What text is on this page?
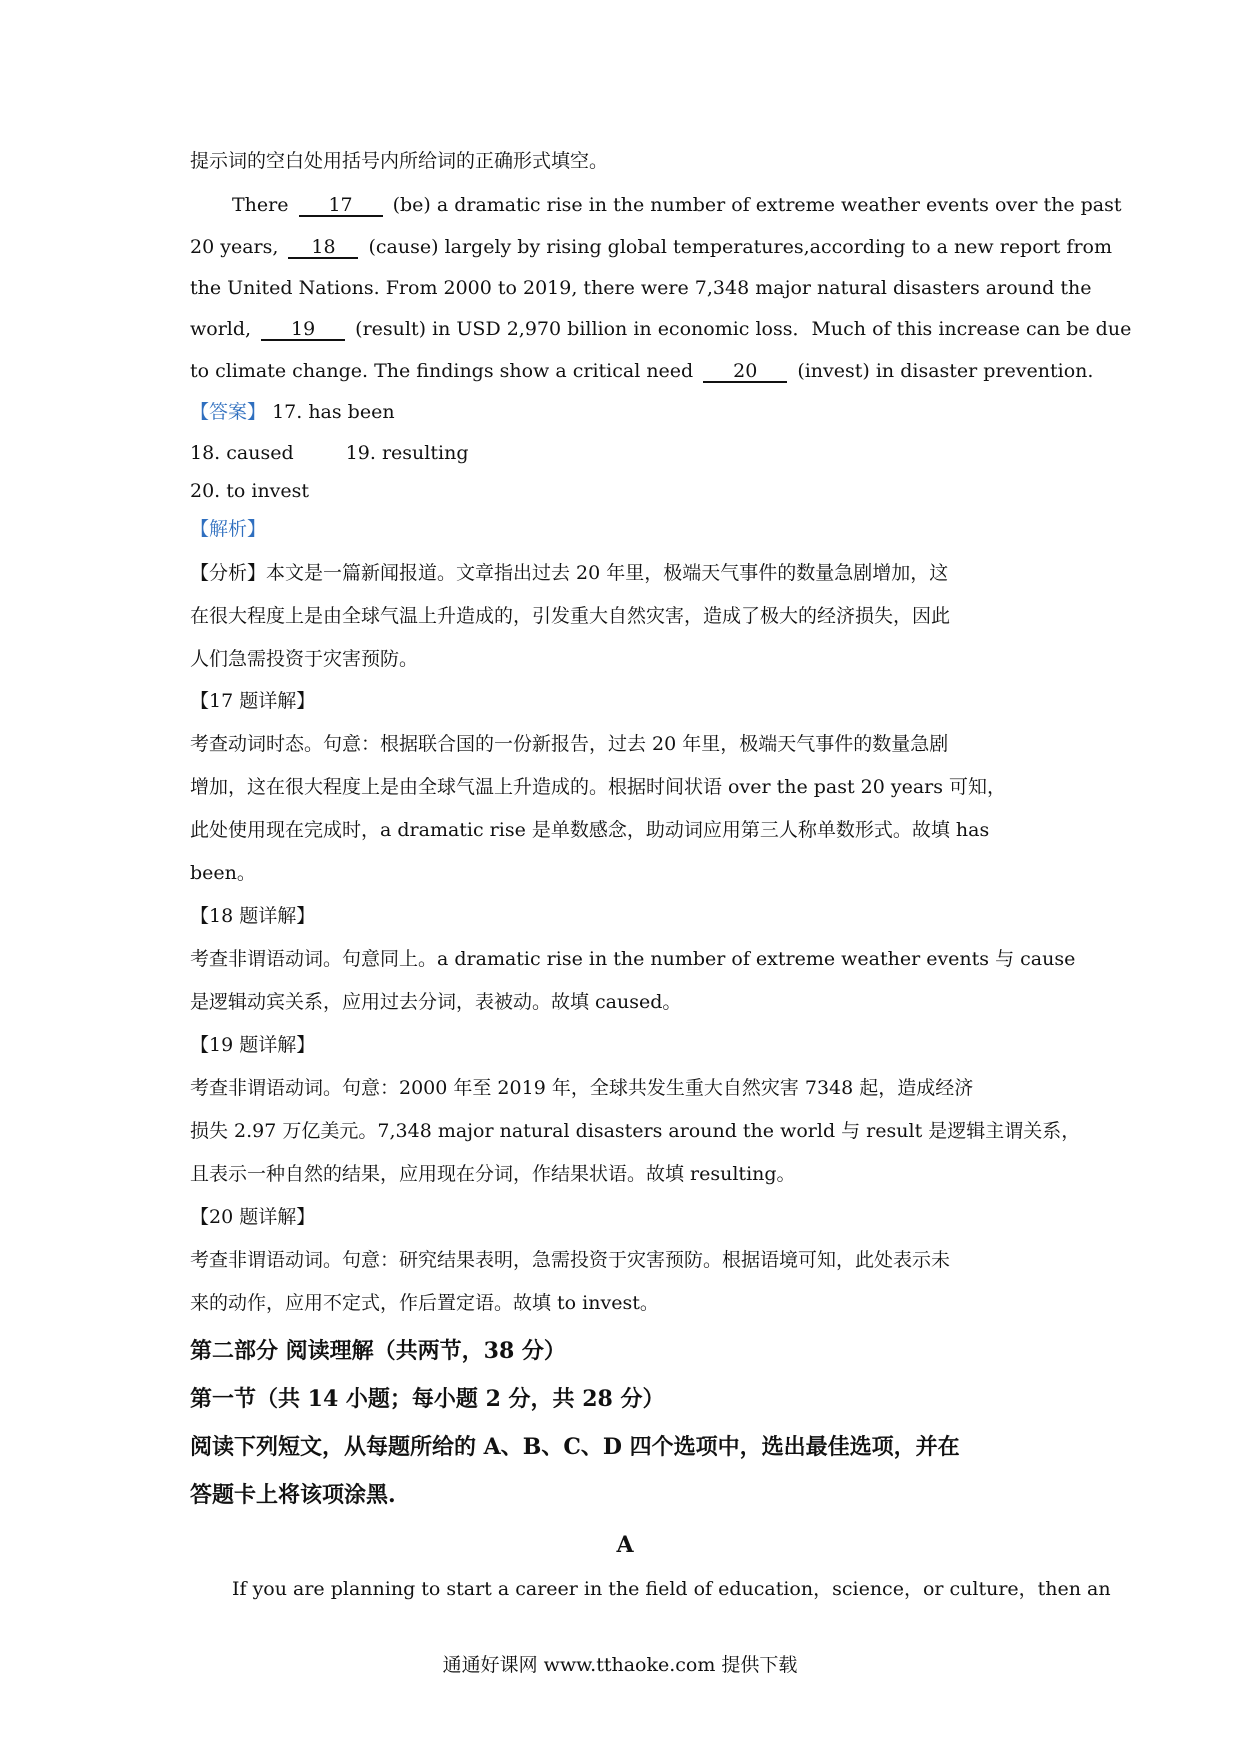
提示词的空白处用括号内所给词的正确形式填空。
There 17 (be) a dramatic rise in the number of extreme weather events over the past
20 years, 18 (cause) largely by rising global temperatures,according to a new report from
the United Nations. From 2000 to 2019, there were 7,348 major natural disasters around the
world, 19 (result) in USD 2,970 billion in economic loss．Much of this increase can be due
to climate change. The findings show a critical need 20 (invest) in disaster prevention.
【答案】 17. has been
18. caused	19. resulting
20. to invest
【解析】
【分析】本文是一篇新闻报道。文章指出过去 20 年里，极端天气事件的数量急剧增加，这
在很大程度上是由全球气温上升造成的，引发重大自然灾害，造成了极大的经济损失，因此
人们急需投资于灾害预防。
【17 题详解】
考查动词时态。句意：根据联合国的一份新报告，过去 20 年里，极端天气事件的数量急剧
增加，这在很大程度上是由全球气温上升造成的。根据时间状语 over the past 20 years 可知，
此处使用现在完成时，a dramatic rise 是单数感念，助动词应用第三人称单数形式。故填 has
been。
【18 题详解】
考查非谓语动词。句意同上。a dramatic rise in the number of extreme weather events 与 cause
是逻辑动宾关系，应用过去分词，表被动。故填 caused。
【19 题详解】
考查非谓语动词。句意：2000 年至 2019 年，全球共发生重大自然灾害 7348 起，造成经济
损失 2.97 万亿美元。7,348 major natural disasters around the world 与 result 是逻辑主谓关系，
且表示一种自然的结果，应用现在分词，作结果状语。故填 resulting。
【20 题详解】
考查非谓语动词。句意：研究结果表明，急需投资于灾害预防。根据语境可知，此处表示未
来的动作，应用不定式，作后置定语。故填 to invest。
第二部分 阅读理解（共两节，38 分）
第一节（共 14 小题；每小题 2 分，共 28 分）
阅读下列短文，从每题所给的 A、B、C、D 四个选项中，选出最佳选项，并在
答题卡上将该项涂黑.
A
If you are planning to start a career in the field of education，science，or culture，then an
通通好课网 www.tthaoke.com 提供下载
